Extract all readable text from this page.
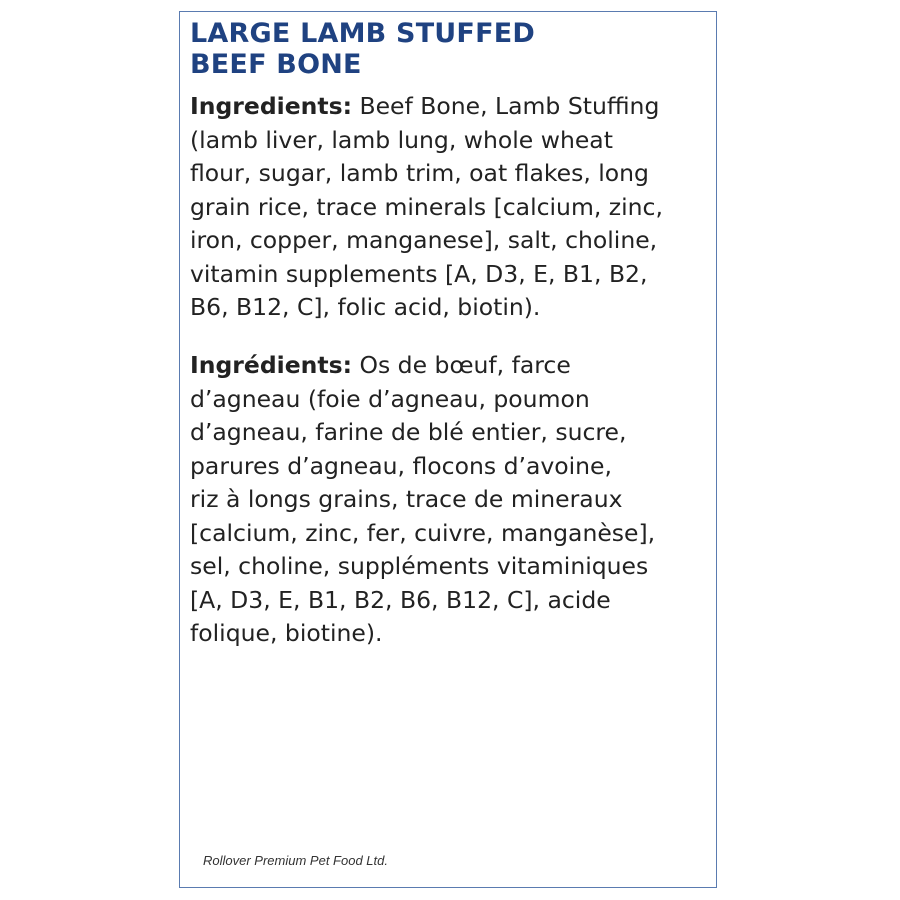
LARGE LAMB STUFFED
BEEF BONE

Ingredients: Beef Bone, Lamb Stuffing
(lamb liver, lamb lung, whole wheat
flour, sugar, lamb trim, oat flakes, long
grain rice, trace minerals [calcium, zinc,
iron, copper, manganese], salt, choline,
vitamin supplements [A, D3, E, B1, B2,
B6, B12, C], folic acid, biotin).

Ingrédients: Os de bœuf, farce
d’agneau (foie d’agneau, poumon
d’agneau, farine de blé entier, sucre,
parures d’agneau, flocons d’avoine,
riz à longs grains, trace de mineraux
[calcium, zinc, fer, cuivre, manganèse],
sel, choline, suppléments vitaminiques
[A, D3, E, B1, B2, B6, B12, C], acide
folique, biotine).

Rollover Premium Pet Food Ltd.
